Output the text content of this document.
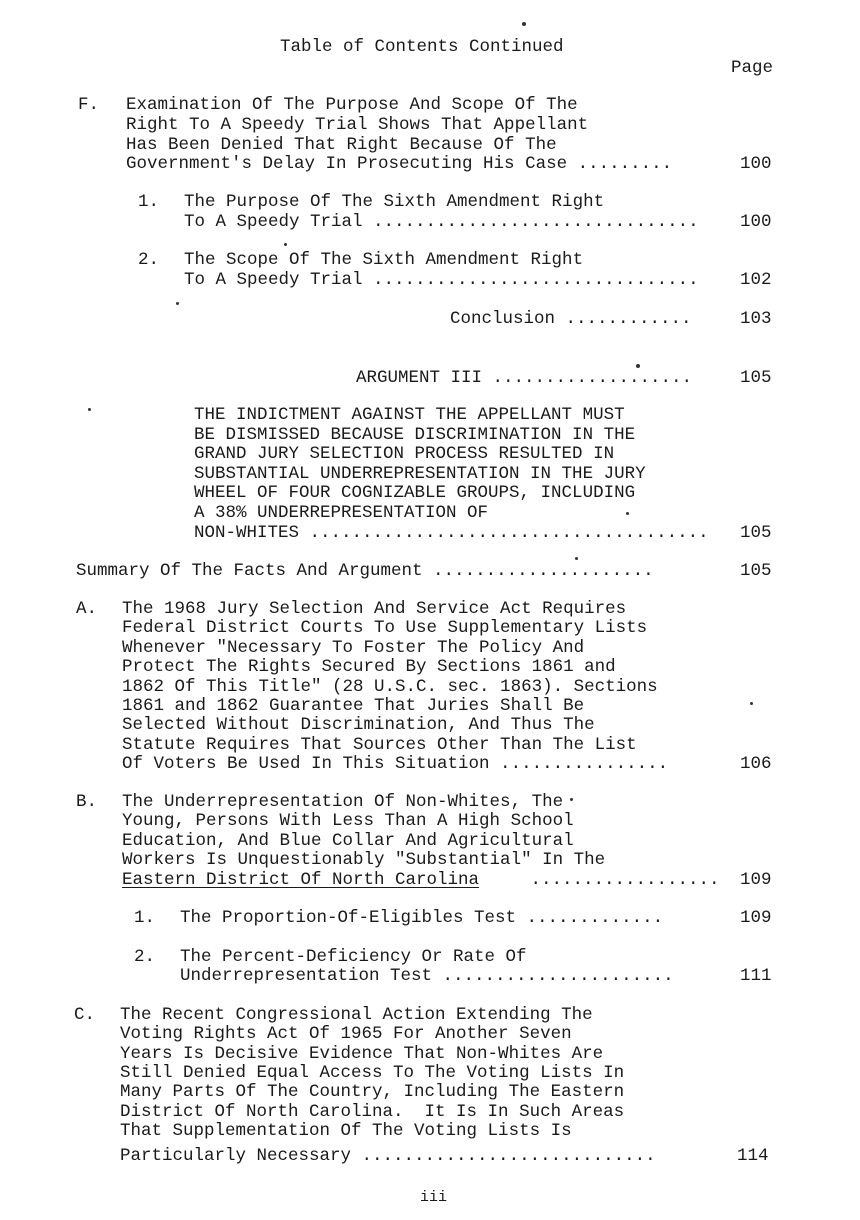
Table of Contents Continued
Page
F. Examination Of The Purpose And Scope Of The
Right To A Speedy Trial Shows That Appellant
Has Been Denied That Right Because Of The
Government's Delay In Prosecuting His Case .........	100
1. The Purpose Of The Sixth Amendment Right
To A Speedy Trial ............................... 100
2. The Scope Of The Sixth Amendment Right
To A Speedy Trial ............................... 102
Conclusion ............	103
ARGUMENT III ...................	105
THE INDICTMENT AGAINST THE APPELLANT MUST
BE DISMISSED BECAUSE DISCRIMINATION IN THE
GRAND JURY SELECTION PROCESS RESULTED IN
SUBSTANTIAL UNDERREPRESENTATION IN THE JURY
WHEEL OF FOUR COGNIZABLE GROUPS, INCLUDING
A 38% UNDERREPRESENTATION OF
NON-WHITES ...................................... 105
Summary Of The Facts And Argument .....................	105
A. The 1968 Jury Selection And Service Act Requires
Federal District Courts To Use Supplementary Lists
Whenever "Necessary To Foster The Policy And
Protect The Rights Secured By Sections 1861 and
1862 Of This Title" (28 U.S.C. sec. 1863). Sections
1861 and 1862 Guarantee That Juries Shall Be
Selected Without Discrimination, And Thus The
Statute Requires That Sources Other Than The List
Of Voters Be Used In This Situation ................	106
B. The Underrepresentation Of Non-Whites, The
Young, Persons With Less Than A High School
Education, And Blue Collar And Agricultural
Workers Is Unquestionably "Substantial" In The
Eastern District Of North Carolina .................. 109
1. The Proportion-Of-Eligibles Test .............	109
2. The Percent-Deficiency Or Rate Of
Underrepresentation Test ......................	111
C. The Recent Congressional Action Extending The
Voting Rights Act Of 1965 For Another Seven
Years Is Decisive Evidence That Non-Whites Are
Still Denied Equal Access To The Voting Lists In
Many Parts Of The Country, Including The Eastern
District Of North Carolina.  It Is In Such Areas
That Supplementation Of The Voting Lists Is
Particularly Necessary ............................	114
iii
